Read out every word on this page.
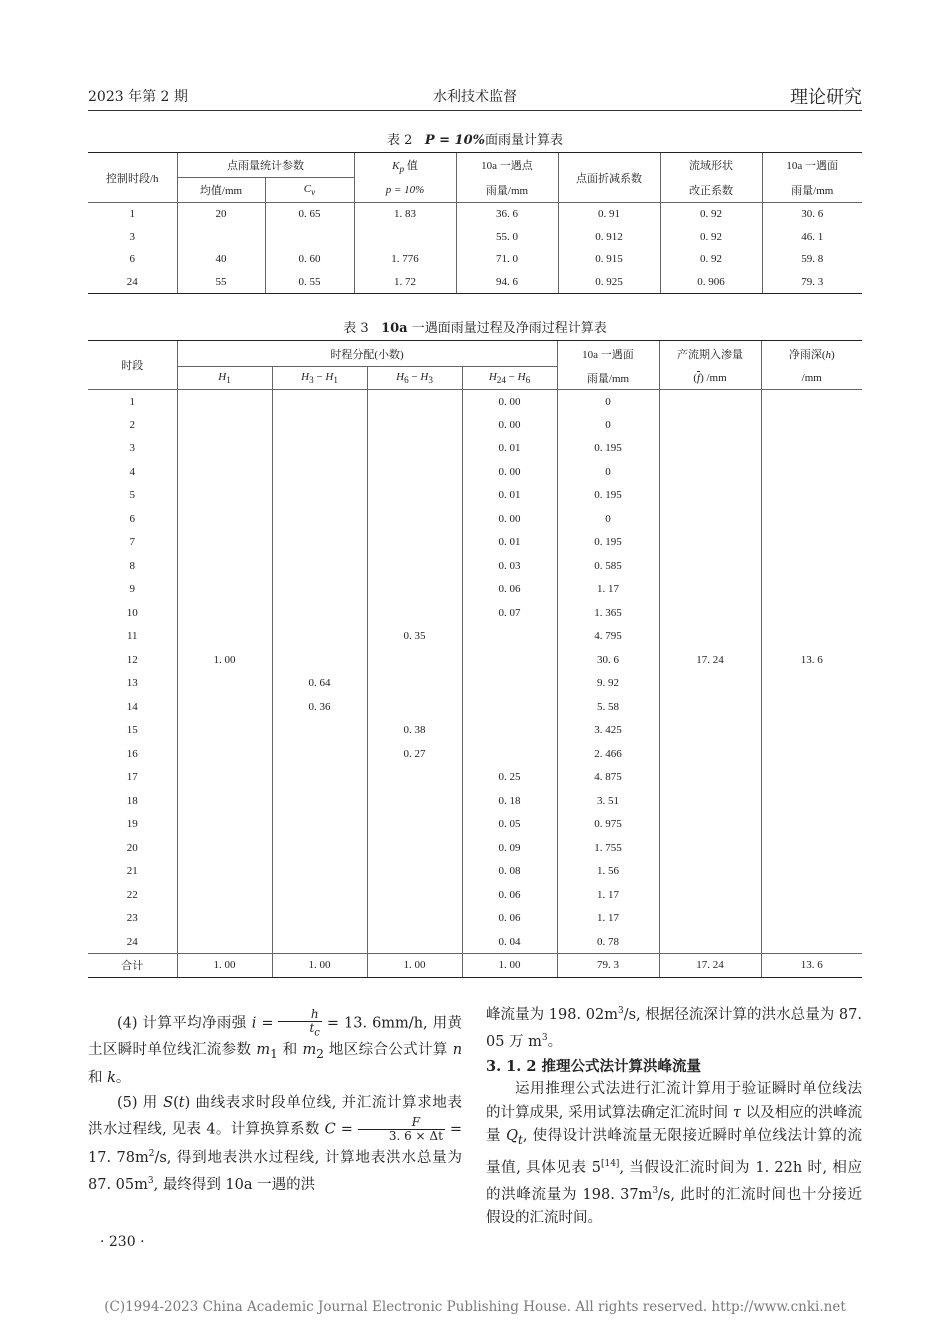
2023 年第 2 期	水利技术监督	理论研究
表 2 P = 10%面雨量计算表
控制时段/h	点雨量统计参数		$K_p$ 值	10a 一遇点	点面折减系数	流域形状	10a 一遇面
	均值/mm	$C_v$	p = 10%	雨量/mm		改正系数	雨量/mm
1	20	0. 65	1. 83	36. 6	0. 91	0. 92	30. 6
3				55. 0	0. 912	0. 92	46. 1
6	40	0. 60	1. 776	71. 0	0. 915	0. 92	59. 8
24	55	0. 55	1. 72	94. 6	0. 925	0. 906	79. 3
表 3 10a 一遇面雨量过程及净雨过程计算表
时段	时程分配(小数)				10a 一遇面	产流期入渗量	净雨深(h)
	$H_1$	$H_3 - H_1$	$H_6 - H_3$	$H_{24} - H_6$	雨量/mm	$(\overline{f})$ /mm	/mm
1				0. 00	0		
2				0. 00	0		
3				0. 01	0. 195		
4				0. 00	0		
5				0. 01	0. 195		
6				0. 00	0		
7				0. 01	0. 195		
8				0. 03	0. 585		
9				0. 06	1. 17		
10				0. 07	1. 365		
11			0. 35		4. 795		
12	1. 00				30. 6	17. 24	13. 6
13		0. 64			9. 92		
14		0. 36			5. 58		
15			0. 38		3. 425		
16			0. 27		2. 466		
17				0. 25	4. 875		
18				0. 18	3. 51		
19				0. 05	0. 975		
20				0. 09	1. 755		
21				0. 08	1. 56		
22				0. 06	1. 17		
23				0. 06	1. 17		
24				0. 04	0. 78		
合计	1. 00	1. 00	1. 00	1. 00	79. 3	17. 24	13. 6

(4) 计算平均净雨强 $i = \frac{h}{t_c} = 13$. 6mm/h, 用黄土区瞬时单位线汇流参数 $m_1$ 和 $m_2$ 地区综合公式计算 n 和 k。

(5) 用 S(t) 曲线表求时段单位线, 并汇流计算求地表洪水过程线, 见表 4。计算换算系数 $C = \frac{F}{3. 6 \times \Delta t} = 17$. $78m^2/s$, 得到地表洪水过程线, 计算地表洪水总量为 87. $05m^3$, 最终得到 10a 一遇的洪

峰流量为 198. $02m^3/s$, 根据径流深计算的洪水总量为 87. 05 万 $m^3$。

3. 1. 2 推理公式法计算洪峰流量

运用推理公式法进行汇流计算用于验证瞬时单位线法的计算成果, 采用试算法确定汇流时间 τ 以及相应的洪峰流量 $Q_t$, 使得设计洪峰流量无限接近瞬时单位线法计算的流量值, 具体见表 5[14], 当假设汇流时间为 1. 22h 时, 相应的洪峰流量为 198. $37m^3/s$, 此时的汇流时间也十分接近假设的汇流时间。

· 230 ·
(C)1994-2023 China Academic Journal Electronic Publishing House. All rights reserved. http://www.cnki.net
